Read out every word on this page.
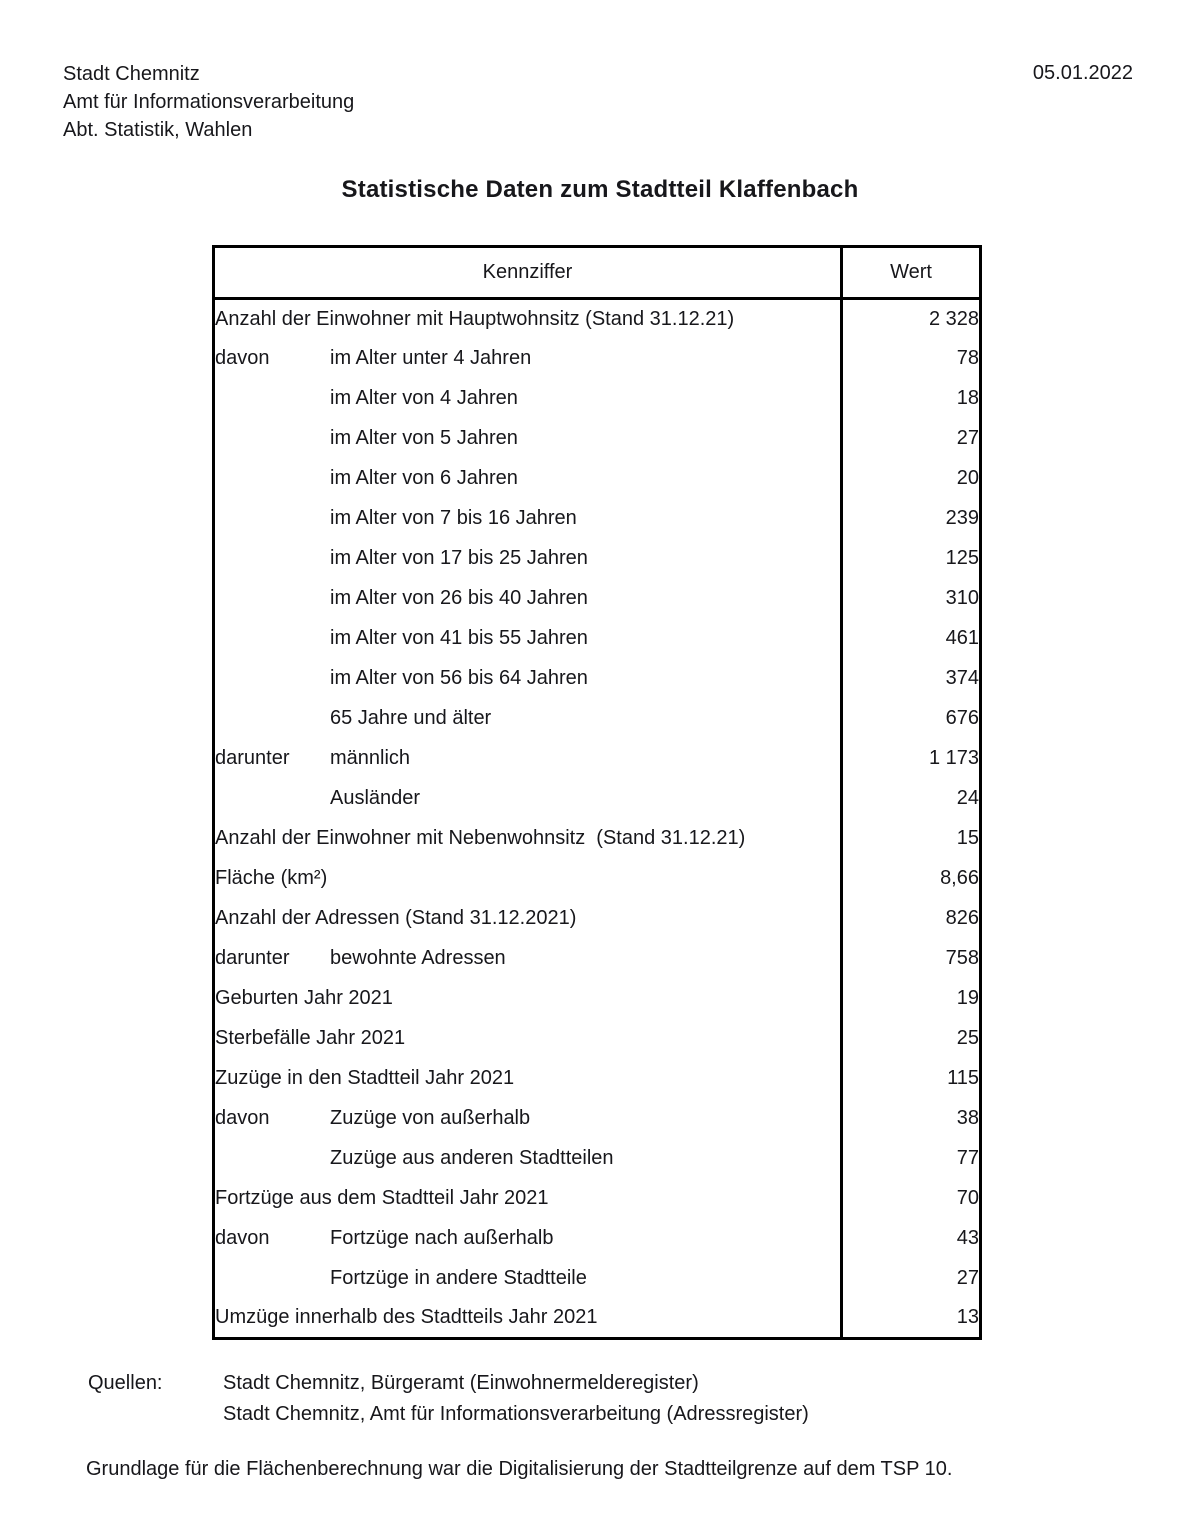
Stadt Chemnitz
Amt für Informationsverarbeitung
Abt. Statistik, Wahlen
05.01.2022
Statistische Daten zum Stadtteil Klaffenbach
Kennziffer	Wert
Anzahl der Einwohner mit Hauptwohnsitz (Stand 31.12.21)	2 328
davon im Alter unter 4 Jahren	78
im Alter von 4 Jahren	18
im Alter von 5 Jahren	27
im Alter von 6 Jahren	20
im Alter von 7 bis 16 Jahren	239
im Alter von 17 bis 25 Jahren	125
im Alter von 26 bis 40 Jahren	310
im Alter von 41 bis 55 Jahren	461
im Alter von 56 bis 64 Jahren	374
65 Jahre und älter	676
darunter männlich	1 173
Ausländer	24
Anzahl der Einwohner mit Nebenwohnsitz  (Stand 31.12.21)	15
Fläche (km²)	8,66
Anzahl der Adressen (Stand 31.12.2021)	826
darunter bewohnte Adressen	758
Geburten Jahr 2021	19
Sterbefälle Jahr 2021	25
Zuzüge in den Stadtteil Jahr 2021	115
davon Zuzüge von außerhalb	38
Zuzüge aus anderen Stadtteilen	77
Fortzüge aus dem Stadtteil Jahr 2021	70
davon Fortzüge nach außerhalb	43
Fortzüge in andere Stadtteile	27
Umzüge innerhalb des Stadtteils Jahr 2021	13
Quellen:	Stadt Chemnitz, Bürgeramt (Einwohnermelderegister)
Stadt Chemnitz, Amt für Informationsverarbeitung (Adressregister)
Grundlage für die Flächenberechnung war die Digitalisierung der Stadtteilgrenze auf dem TSP 10.
